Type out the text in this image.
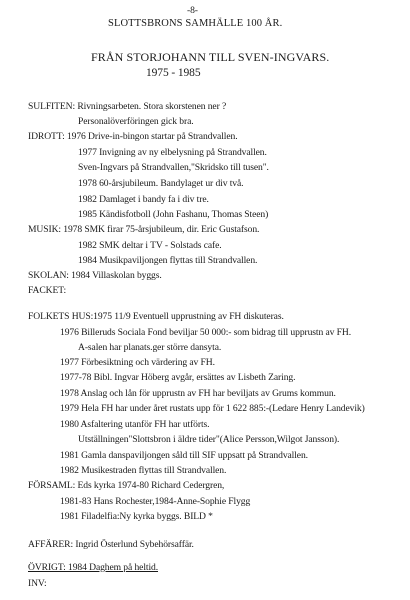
-8-
SLOTTSBRONS SAMHÄLLE 100 ÅR.
FRÅN STORJOHANN TILL SVEN-INGVARS.
1975 - 1985
SULFITEN: Rivningsarbeten. Stora skorstenen ner ?
Personalöverföringen gick bra.
IDROTT: 1976 Drive-in-bingon startar på Strandvallen.
1977 Invigning av ny elbelysning på Strandvallen.
Sven-Ingvars på Strandvallen,"Skridsko till tusen".
1978 60-årsjubileum. Bandylaget ur div två.
1982 Damlaget i bandy fa i div tre.
1985 Kändisfotboll (John Fashanu, Thomas Steen)
MUSIK: 1978 SMK firar 75-årsjubileum, dir. Eric Gustafson.
1982 SMK deltar i TV - Solstads cafe.
1984 Musikpaviljongen flyttas till Strandvallen.
SKOLAN: 1984 Villaskolan byggs.
FACKET:
FOLKETS HUS:1975 11/9 Eventuell upprustning av FH diskuteras.
1976 Billeruds Sociala Fond beviljar 50 000:- som bidrag till upprustn av FH.
A-salen har planats.ger större dansyta.
1977 Förbesiktning och värdering av FH.
1977-78 Bibl. Ingvar Höberg avgår, ersättes av Lisbeth Zaring.
1978 Anslag och lån för upprustn av FH har beviljats av Grums kommun.
1979 Hela FH har under året rustats upp för 1 622 885:-(Ledare Henry Landevik)
1980 Asfaltering utanför FH har utförts.
Utställningen"Slottsbron i äldre tider"(Alice Persson,Wilgot Jansson).
1981 Gamla danspaviljongen såld till SIF uppsatt på Strandvallen.
1982 Musikestraden flyttas till Strandvallen.
FÖRSAML: Eds kyrka 1974-80 Richard Cedergren,
1981-83 Hans Rochester,1984-Anne-Sophie Flygg
1981 Filadelfia:Ny kyrka byggs. BILD *
AFFÄRER: Ingrid Österlund Sybehörsaffär.
ÖVRIGT: 1984 Daghem på heltid.
INV:
